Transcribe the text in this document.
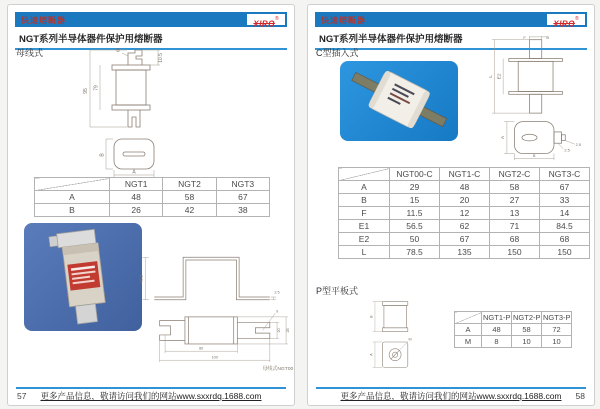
快速熔断器	XIRO®
NGT系列半导体器件保护用熔断器
母线式
95
79
10.5
B
B
A
	NGT1	NGT2	NGT3
A	48	58	67
B	26	42	38
48.5
2.5
9
20 28
80
100
母线式NGT00
更多产品信息，敬请访问我们的网站www.sxxrdq.1688.com
57
快速熔断器	XIRO®
NGT系列半导体器件保护用熔断器
C型插入式
L E2
F	B
A
B
2.5
2.5
	NGT00-C	NGT1-C	NGT2-C	NGT3-C
A	29	48	58	67
B	15	20	27	33
F	11.5	12	13	14
E1	56.5	62	71	84.5
E2	50	67	68	68
L	78.5	135	150	150
P型平板式
B
A
M
	NGT1-P	NGT2-P	NGT3-P
A	48	58	72
M	8	10	10
更多产品信息，敬请访问我们的网站www.sxxrdq.1688.com	58
